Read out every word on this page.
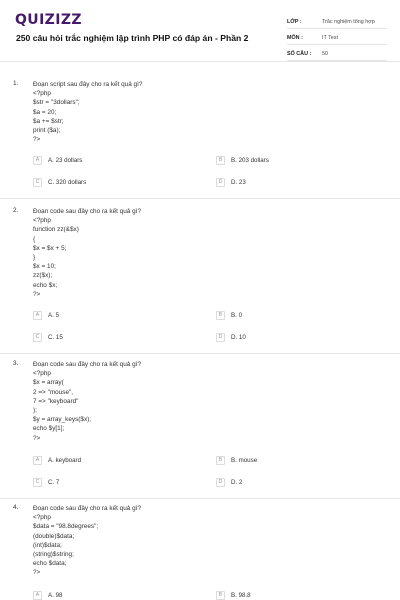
QUIZIZZ
250 câu hỏi trắc nghiệm lập trình PHP có đáp án - Phần 2
LỚP :	Trắc nghiệm tổng hợp
MÔN :	IT Test
SỐ CÂU :	50
1. Đoạn script sau đây cho ra kết quả gì?
<?php
$str = "3dollars";
$a = 20;
$a += $str;
print ($a);
?>
A	A. 23 dollars	B	B. 203 dollars
C	C. 320 dollars	D	D. 23
2. Đoạn code sau đây cho ra kết quả gì?
<?php
function zz(&$x)
{
$x = $x + 5;
}
$x = 10;
zz($x);
echo $x;
?>
A	A. 5	B	B. 0
C	C. 15	D	D. 10
3. Đoạn code sau đây cho ra kết quả gì?
<?php
$x = array(
2 => "mouse",
7 => "keyboard"
);
$y = array_keys($x);
echo $y[1];
?>
A	A. keyboard	B	B. mouse
C	C. 7	D	D. 2
4. Đoạn code sau đây cho ra kết quả gì?
<?php
$data = "98.8degrees";
(double)$data;
(int)$data;
(string)$string;
echo $data;
?>
A	A. 98	B	B. 98.8
